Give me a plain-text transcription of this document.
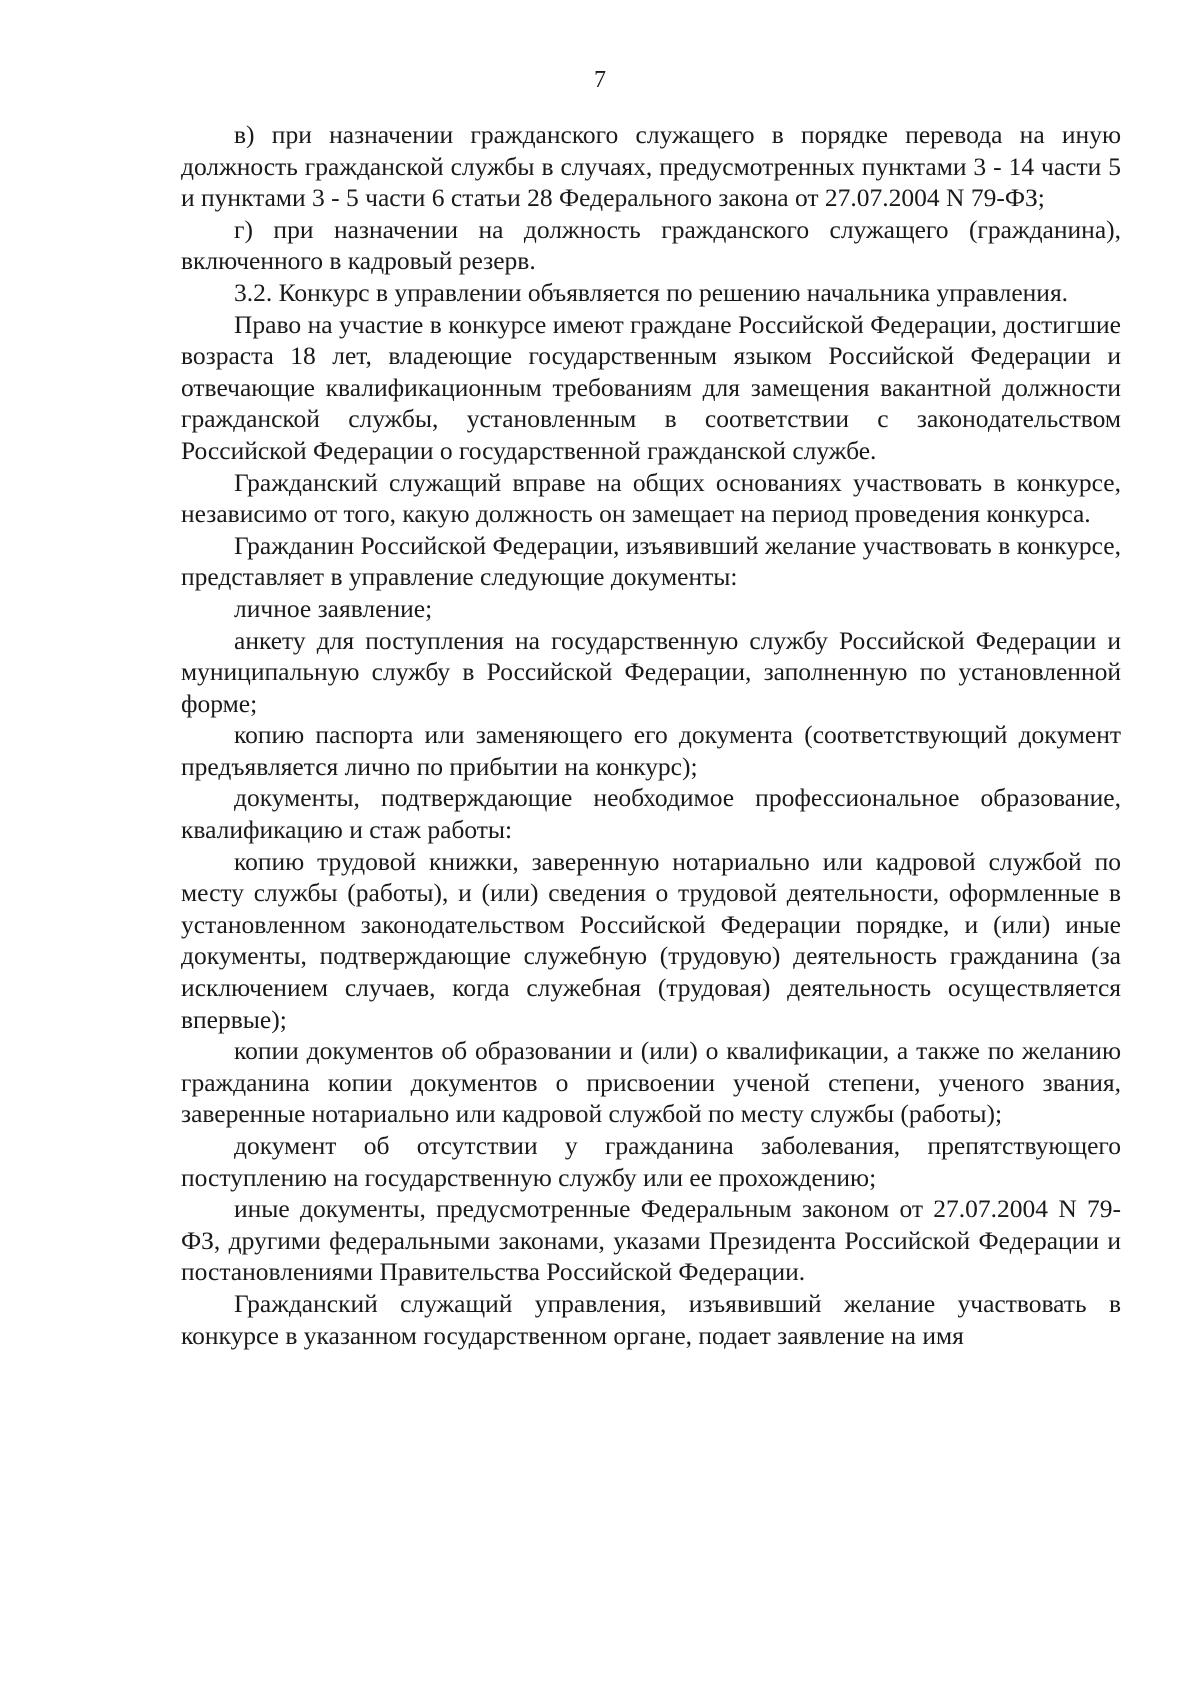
7

в) при назначении гражданского служащего в порядке перевода на иную должность гражданской службы в случаях, предусмотренных пунктами 3 - 14 части 5 и пунктами 3 - 5 части 6 статьи 28 Федерального закона от 27.07.2004 N 79-ФЗ;

г) при назначении на должность гражданского служащего (гражданина), включенного в кадровый резерв.

3.2. Конкурс в управлении объявляется по решению начальника управления.

Право на участие в конкурсе имеют граждане Российской Федерации, достигшие возраста 18 лет, владеющие государственным языком Российской Федерации и отвечающие квалификационным требованиям для замещения вакантной должности гражданской службы, установленным в соответствии с законодательством Российской Федерации о государственной гражданской службе.

Гражданский служащий вправе на общих основаниях участвовать в конкурсе, независимо от того, какую должность он замещает на период проведения конкурса.

Гражданин Российской Федерации, изъявивший желание участвовать в конкурсе, представляет в управление следующие документы:

личное заявление;

анкету для поступления на государственную службу Российской Федерации и муниципальную службу в Российской Федерации, заполненную по установленной форме;

копию паспорта или заменяющего его документа (соответствующий документ предъявляется лично по прибытии на конкурс);

документы, подтверждающие необходимое профессиональное образование, квалификацию и стаж работы:

копию трудовой книжки, заверенную нотариально или кадровой службой по месту службы (работы), и (или) сведения о трудовой деятельности, оформленные в установленном законодательством Российской Федерации порядке, и (или) иные документы, подтверждающие служебную (трудовую) деятельность гражданина (за исключением случаев, когда служебная (трудовая) деятельность осуществляется впервые);

копии документов об образовании и (или) о квалификации, а также по желанию гражданина копии документов о присвоении ученой степени, ученого звания, заверенные нотариально или кадровой службой по месту службы (работы);

документ об отсутствии у гражданина заболевания, препятствующего поступлению на государственную службу или ее прохождению;

иные документы, предусмотренные Федеральным законом от 27.07.2004 N 79-ФЗ, другими федеральными законами, указами Президента Российской Федерации и постановлениями Правительства Российской Федерации.

Гражданский служащий управления, изъявивший желание участвовать в конкурсе в указанном государственном органе, подает заявление на имя
